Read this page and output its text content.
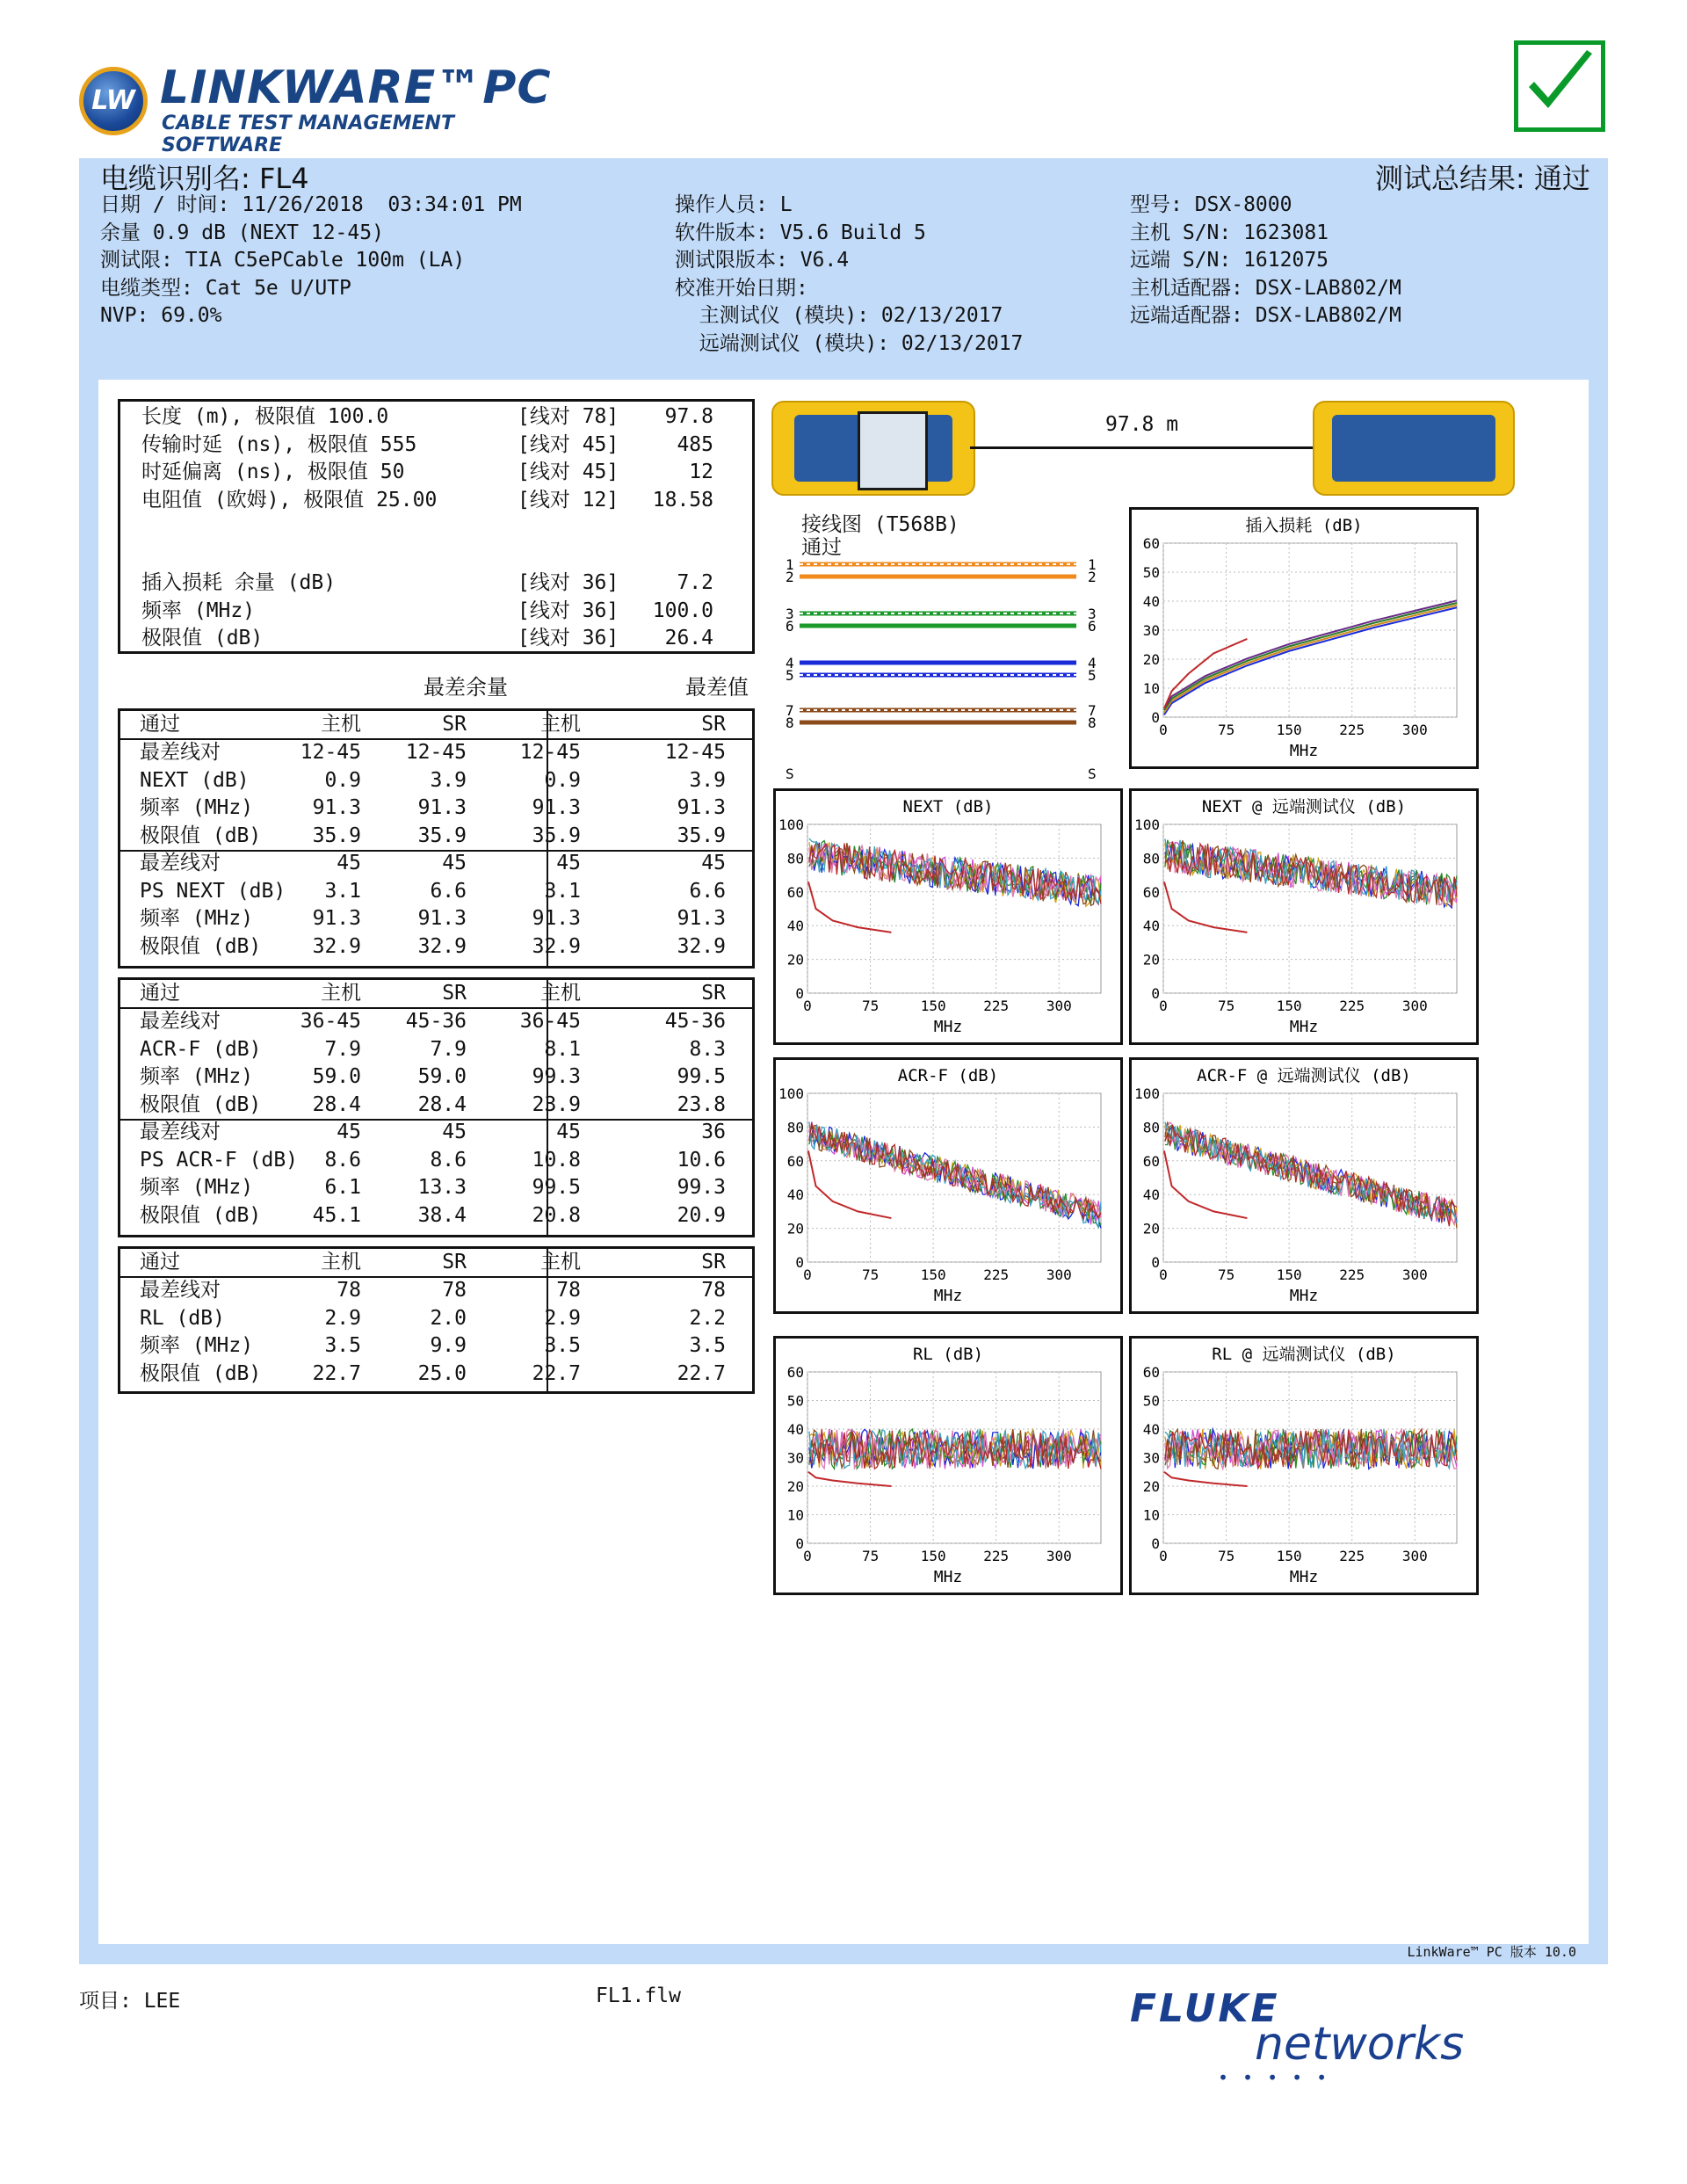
LW LINKWARE™PC
CABLE TEST MANAGEMENT SOFTWARE
电缆识别名: FL4	测试总结果: 通过
日期 / 时间: 11/26/2018  03:34:01 PM
余量 0.9 dB (NEXT 12-45)
测试限: TIA C5ePCable 100m (LA)
电缆类型: Cat 5e U/UTP
NVP: 69.0%
操作人员: L
软件版本: V5.6 Build 5
测试限版本: V6.4
校准开始日期:
主测试仪 (模块): 02/13/2017
远端测试仪 (模块): 02/13/2017
型号: DSX-8000
主机 S/N: 1623081
远端 S/N: 1612075
主机适配器: DSX-LAB802/M
远端适配器: DSX-LAB802/M
长度 (m), 极限值 100.0	[线对 78] 97.8
传输时延 (ns), 极限值 555	[线对 45]	485
时延偏离 (ns), 极限值 50	[线对 45]	12
电阻值 (欧姆), 极限值 25.00	[线对 12] 18.58
插入损耗 余量 (dB)	[线对 36]	7.2
频率 (MHz)	[线对 36] 100.0
极限值 (dB)	[线对 36] 26.4
最差余量	最差值
通过	主机	SR	主机	SR
最差线对	12-45 12-45	12-45	12-45
NEXT (dB)	0.9	3.9	0.9	3.9
频率 (MHz)	91.3	91.3	91.3	91.3
极限值 (dB)	35.9	35.9	35.9	35.9
最差线对	45	45	45	45
PS NEXT (dB) 3.1	6.6	3.1	6.6
频率 (MHz)	91.3	91.3	91.3	91.3
极限值 (dB)	32.9	32.9	32.9	32.9
通过	主机	SR	主机	SR
最差线对	36-45 45-36	36-45	45-36
ACR-F (dB)	7.9	7.9	8.1	8.3
频率 (MHz)	59.0	59.0	99.3	99.5
极限值 (dB)	28.4	28.4	23.9	23.8
最差线对	45	45	45	36
PS ACR-F (dB) 8.6	8.6	10.8	10.6
频率 (MHz)	6.1	13.3	99.5	99.3
极限值 (dB)	45.1	38.4	20.8	20.9
通过	主机	SR	主机	SR
最差线对	78	78	78	78
RL (dB)	2.9	2.0	2.9	2.2
频率 (MHz)	3.5	9.9	3.5	3.5
极限值 (dB)	22.7	25.0	22.7	22.7
97.8 m
接线图 (T568B)
通过
1	1
2	2
3	3
6	6
4	4
5	5
7	7
8	8
S	S
插入损耗 (dB)
MHz
0	75	150	225	300
0
10
20
30
40
50
60
NEXT (dB)
MHz
0	75	150	225	300
0
20
40
60
80
100
NEXT @ 远端测试仪 (dB)
MHz
0	75	150	225	300
0
20
40
60
80
100
ACR-F (dB)
MHz
0	75	150	225	300
0
20
40
60
80
100
ACR-F @ 远端测试仪 (dB)
MHz
0	75	150	225	300
0
20
40
60
80
100
RL (dB)
MHz
0	75	150	225	300
0
10
20
30
40
50
60
RL @ 远端测试仪 (dB)
MHz
0	75	150	225	300
0
10
20
30
40
50
60
LinkWare™ PC 版本 10.0
项目: LEE	FL1.flw	FLUKE
networks
•••••
